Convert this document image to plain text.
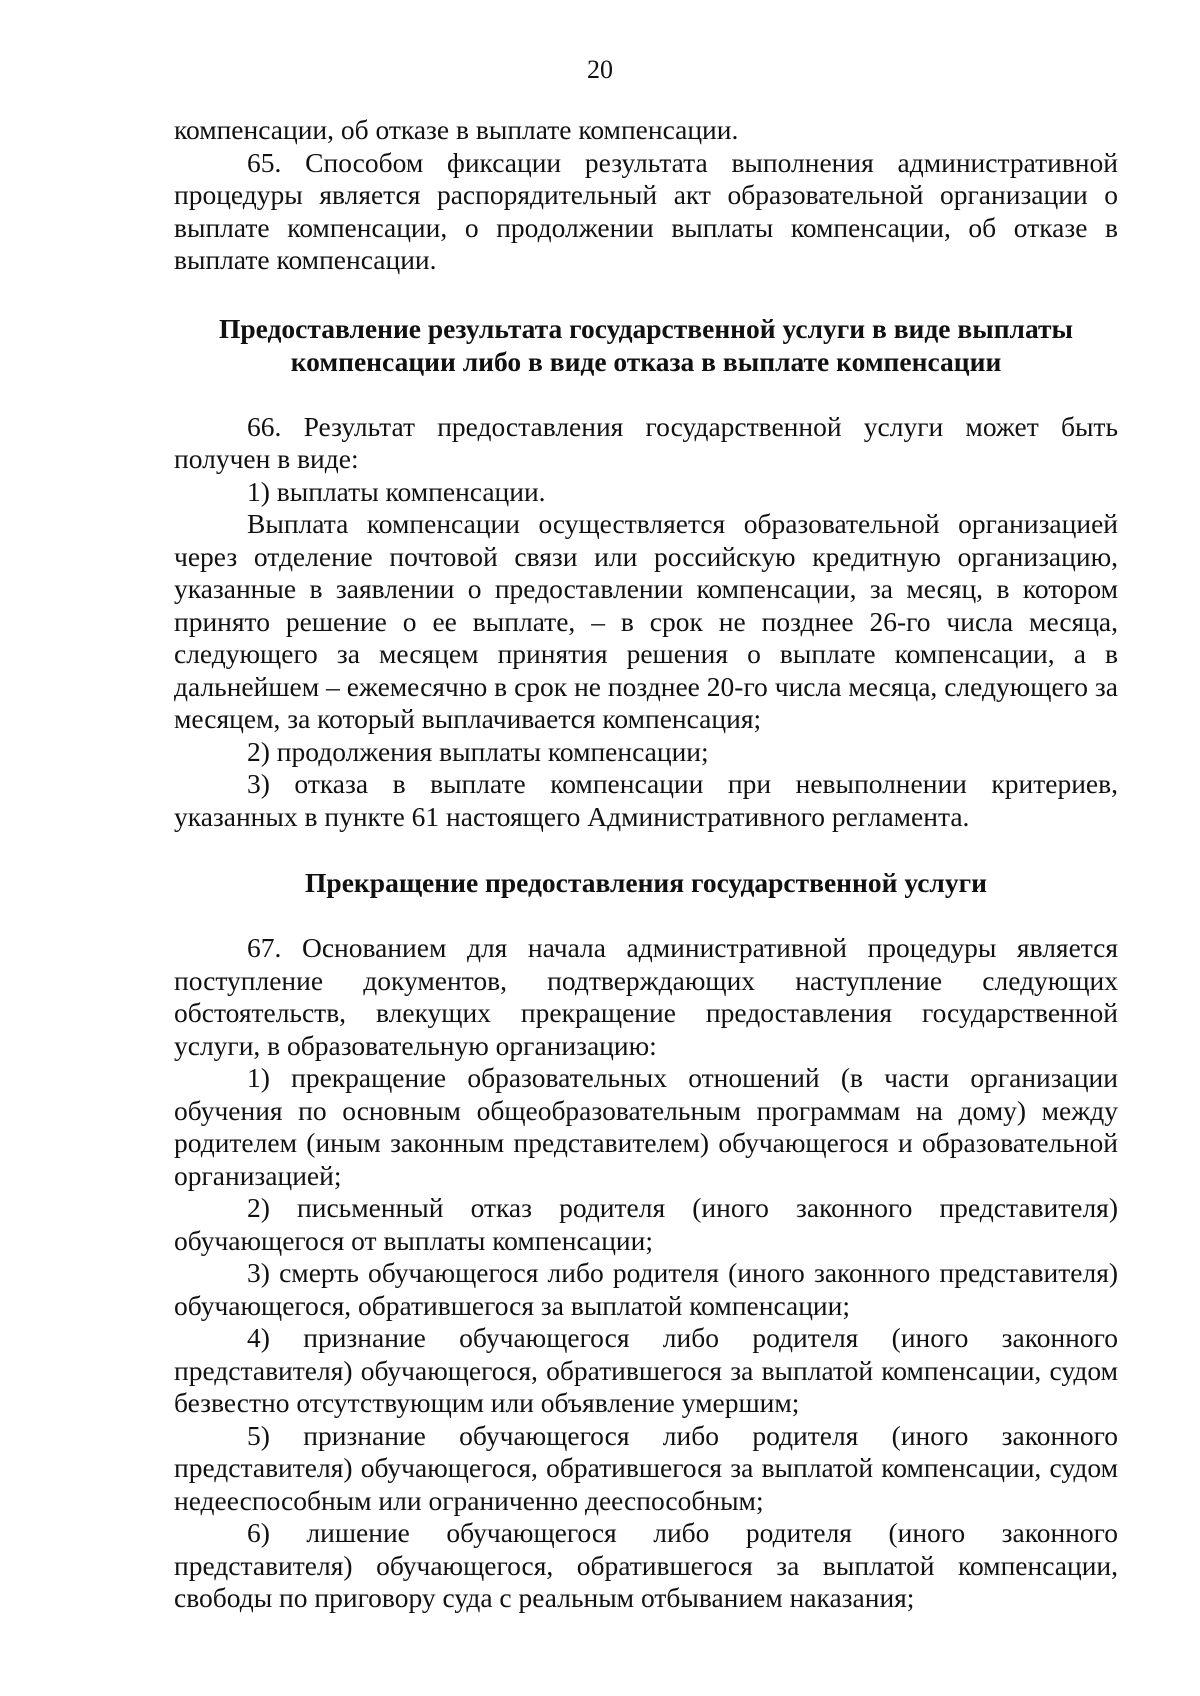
20

компенсации, об отказе в выплате компенсации.

65. Способом фиксации результата выполнения административной процедуры является распорядительный акт образовательной организации о выплате компенсации, о продолжении выплаты компенсации, об отказе в выплате компенсации.

Предоставление результата государственной услуги в виде выплаты компенсации либо в виде отказа в выплате компенсации

66. Результат предоставления государственной услуги может быть получен в виде:

1) выплаты компенсации.

Выплата компенсации осуществляется образовательной организацией через отделение почтовой связи или российскую кредитную организацию, указанные в заявлении о предоставлении компенсации, за месяц, в котором принято решение о ее выплате, – в срок не позднее 26-го числа месяца, следующего за месяцем принятия решения о выплате компенсации, а в дальнейшем – ежемесячно в срок не позднее 20-го числа месяца, следующего за месяцем, за который выплачивается компенсация;

2) продолжения выплаты компенсации;

3) отказа в выплате компенсации при невыполнении критериев, указанных в пункте 61 настоящего Административного регламента.

Прекращение предоставления государственной услуги

67. Основанием для начала административной процедуры является поступление документов, подтверждающих наступление следующих обстоятельств, влекущих прекращение предоставления государственной услуги, в образовательную организацию:

1) прекращение образовательных отношений (в части организации обучения по основным общеобразовательным программам на дому) между родителем (иным законным представителем) обучающегося и образовательной организацией;

2) письменный отказ родителя (иного законного представителя) обучающегося от выплаты компенсации;

3) смерть обучающегося либо родителя (иного законного представителя) обучающегося, обратившегося за выплатой компенсации;

4) признание обучающегося либо родителя (иного законного представителя) обучающегося, обратившегося за выплатой компенсации, судом безвестно отсутствующим или объявление умершим;

5) признание обучающегося либо родителя (иного законного представителя) обучающегося, обратившегося за выплатой компенсации, судом недееспособным или ограниченно дееспособным;

6) лишение обучающегося либо родителя (иного законного представителя) обучающегося, обратившегося за выплатой компенсации, свободы по приговору суда с реальным отбыванием наказания;
